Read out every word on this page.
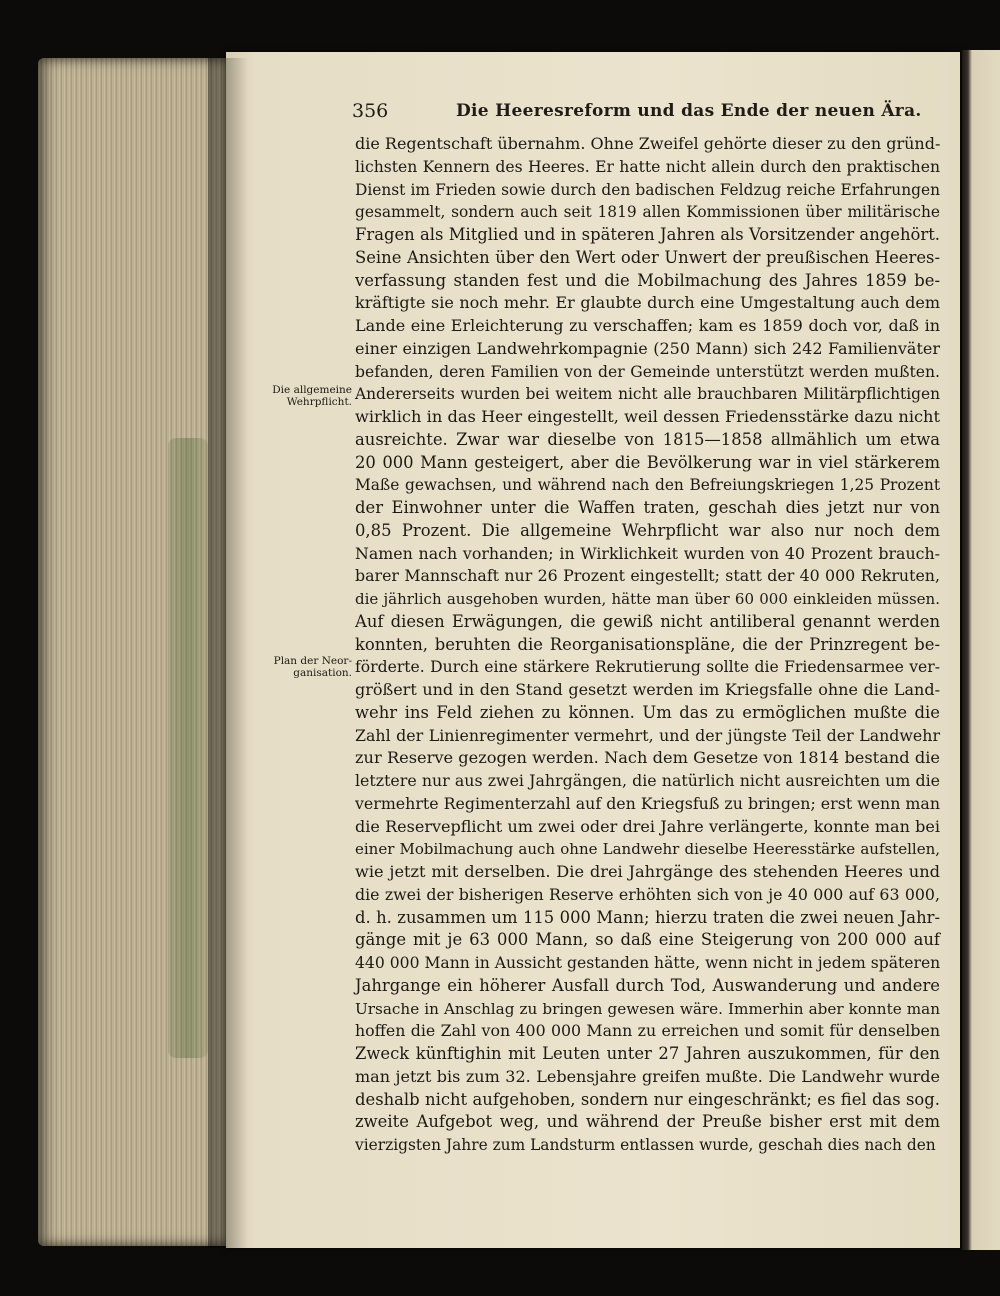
356	Die Heeresreform und das Ende der neuen Ära.
Die allgemeine
Wehrpflicht.
Plan der Neor-
ganisation.
die Regentschaft übernahm. Ohne Zweifel gehörte dieser zu den gründ-
lichsten Kennern des Heeres. Er hatte nicht allein durch den praktischen
Dienst im Frieden sowie durch den badischen Feldzug reiche Erfahrungen
gesammelt, sondern auch seit 1819 allen Kommissionen über militärische
Fragen als Mitglied und in späteren Jahren als Vorsitzender angehört.
Seine Ansichten über den Wert oder Unwert der preußischen Heeres-
verfassung standen fest und die Mobilmachung des Jahres 1859 be-
kräftigte sie noch mehr. Er glaubte durch eine Umgestaltung auch dem
Lande eine Erleichterung zu verschaffen; kam es 1859 doch vor, daß in
einer einzigen Landwehrkompagnie (250 Mann) sich 242 Familienväter
befanden, deren Familien von der Gemeinde unterstützt werden mußten.
Andererseits wurden bei weitem nicht alle brauchbaren Militärpflichtigen
wirklich in das Heer eingestellt, weil dessen Friedensstärke dazu nicht
ausreichte. Zwar war dieselbe von 1815—1858 allmählich um etwa
20 000 Mann gesteigert, aber die Bevölkerung war in viel stärkerem
Maße gewachsen, und während nach den Befreiungskriegen 1,25 Prozent
der Einwohner unter die Waffen traten, geschah dies jetzt nur von
0,85 Prozent. Die allgemeine Wehrpflicht war also nur noch dem
Namen nach vorhanden; in Wirklichkeit wurden von 40 Prozent brauch-
barer Mannschaft nur 26 Prozent eingestellt; statt der 40 000 Rekruten,
die jährlich ausgehoben wurden, hätte man über 60 000 einkleiden müssen.
Auf diesen Erwägungen, die gewiß nicht antiliberal genannt werden
konnten, beruhten die Reorganisationspläne, die der Prinzregent be-
förderte. Durch eine stärkere Rekrutierung sollte die Friedensarmee ver-
größert und in den Stand gesetzt werden im Kriegsfalle ohne die Land-
wehr ins Feld ziehen zu können. Um das zu ermöglichen mußte die
Zahl der Linienregimenter vermehrt, und der jüngste Teil der Landwehr
zur Reserve gezogen werden. Nach dem Gesetze von 1814 bestand die
letztere nur aus zwei Jahrgängen, die natürlich nicht ausreichten um die
vermehrte Regimenterzahl auf den Kriegsfuß zu bringen; erst wenn man
die Reservepflicht um zwei oder drei Jahre verlängerte, konnte man bei
einer Mobilmachung auch ohne Landwehr dieselbe Heeresstärke aufstellen,
wie jetzt mit derselben. Die drei Jahrgänge des stehenden Heeres und
die zwei der bisherigen Reserve erhöhten sich von je 40 000 auf 63 000,
d. h. zusammen um 115 000 Mann; hierzu traten die zwei neuen Jahr-
gänge mit je 63 000 Mann, so daß eine Steigerung von 200 000 auf
440 000 Mann in Aussicht gestanden hätte, wenn nicht in jedem späteren
Jahrgange ein höherer Ausfall durch Tod, Auswanderung und andere
Ursache in Anschlag zu bringen gewesen wäre. Immerhin aber konnte man
hoffen die Zahl von 400 000 Mann zu erreichen und somit für denselben
Zweck künftighin mit Leuten unter 27 Jahren auszukommen, für den
man jetzt bis zum 32. Lebensjahre greifen mußte. Die Landwehr wurde
deshalb nicht aufgehoben, sondern nur eingeschränkt; es fiel das sog.
zweite Aufgebot weg, und während der Preuße bisher erst mit dem
vierzigsten Jahre zum Landsturm entlassen wurde, geschah dies nach den
